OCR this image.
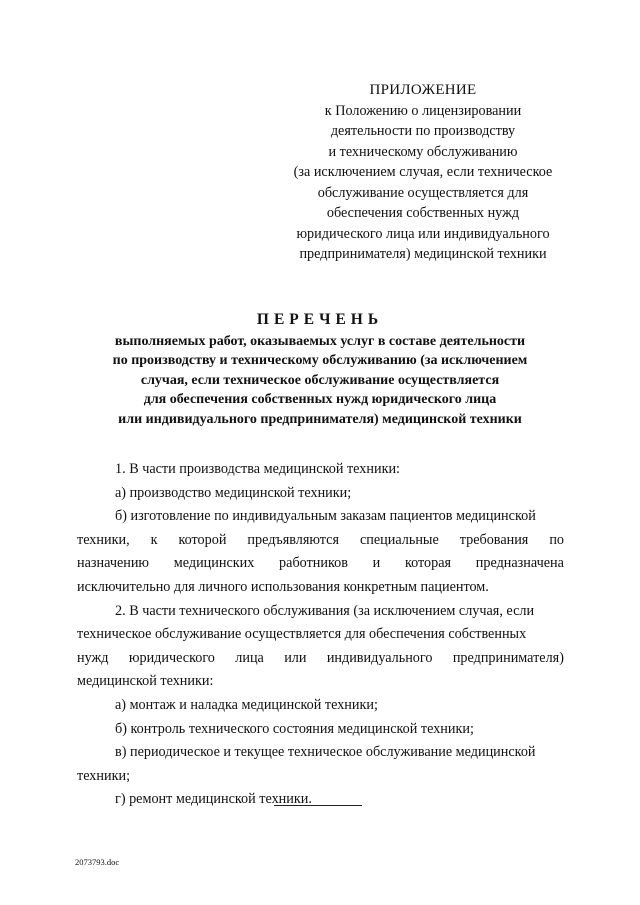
ПРИЛОЖЕНИЕ
к Положению о лицензировании
деятельности по производству
и техническому обслуживанию
(за исключением случая, если техническое
обслуживание осуществляется для
обеспечения собственных нужд
юридического лица или индивидуального
предпринимателя) медицинской техники
ПЕРЕЧЕНЬ
выполняемых работ, оказываемых услуг в составе деятельности
по производству и техническому обслуживанию (за исключением
случая, если техническое обслуживание осуществляется
для обеспечения собственных нужд юридического лица
или индивидуального предпринимателя) медицинской техники
1. В части производства медицинской техники:
а) производство медицинской техники;
б) изготовление по индивидуальным заказам пациентов медицинской
техники, к которой предъявляются специальные требования по
назначению медицинских работников и которая предназначена
исключительно для личного использования конкретным пациентом.
2. В части технического обслуживания (за исключением случая, если
техническое обслуживание осуществляется для обеспечения собственных
нужд юридического лица или индивидуального предпринимателя)
медицинской техники:
а) монтаж и наладка медицинской техники;
б) контроль технического состояния медицинской техники;
в) периодическое и текущее техническое обслуживание медицинской
техники;
г) ремонт медицинской техники.
2073793.doc
